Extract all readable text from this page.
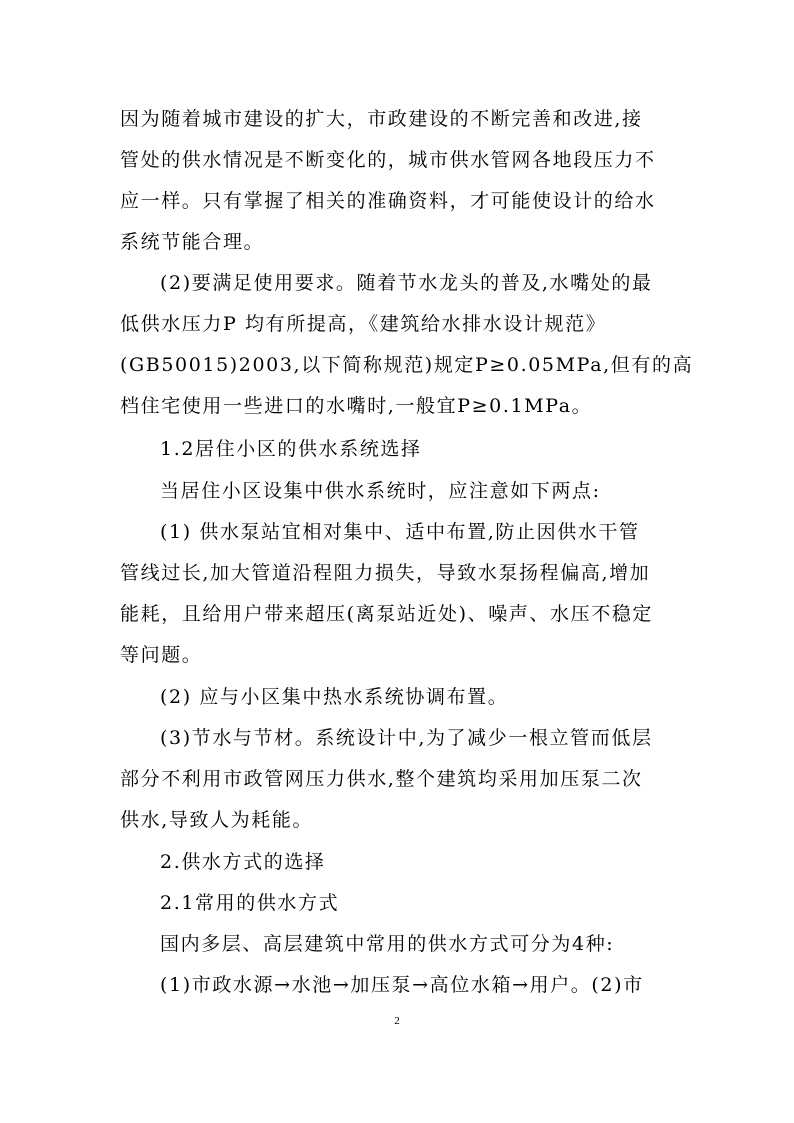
因为随着城市建设的扩大，市政建设的不断完善和改进,接
管处的供水情况是不断变化的，城市供水管网各地段压力不
应一样。只有掌握了相关的准确资料，才可能使设计的给水
系统节能合理。
(2)要满足使用要求。随着节水龙头的普及,水嘴处的最
低供水压力P 均有所提高，《建筑给水排水设计规范》
(GB50015)2003,以下简称规范)规定P≥0.05MPa,但有的高
档住宅使用一些进口的水嘴时,一般宜P≥0.1MPa。
1.2居住小区的供水系统选择
当居住小区设集中供水系统时，应注意如下两点:
(1) 供水泵站宜相对集中、适中布置,防止因供水干管
管线过长,加大管道沿程阻力损失，导致水泵扬程偏高,增加
能耗，且给用户带来超压(离泵站近处)、噪声、水压不稳定
等问题。
(2) 应与小区集中热水系统协调布置。
(3)节水与节材。系统设计中,为了减少一根立管而低层
部分不利用市政管网压力供水,整个建筑均采用加压泵二次
供水,导致人为耗能。
2.供水方式的选择
2.1常用的供水方式
国内多层、高层建筑中常用的供水方式可分为4种:
(1)市政水源→水池→加压泵→高位水箱→用户。(2)市
2
